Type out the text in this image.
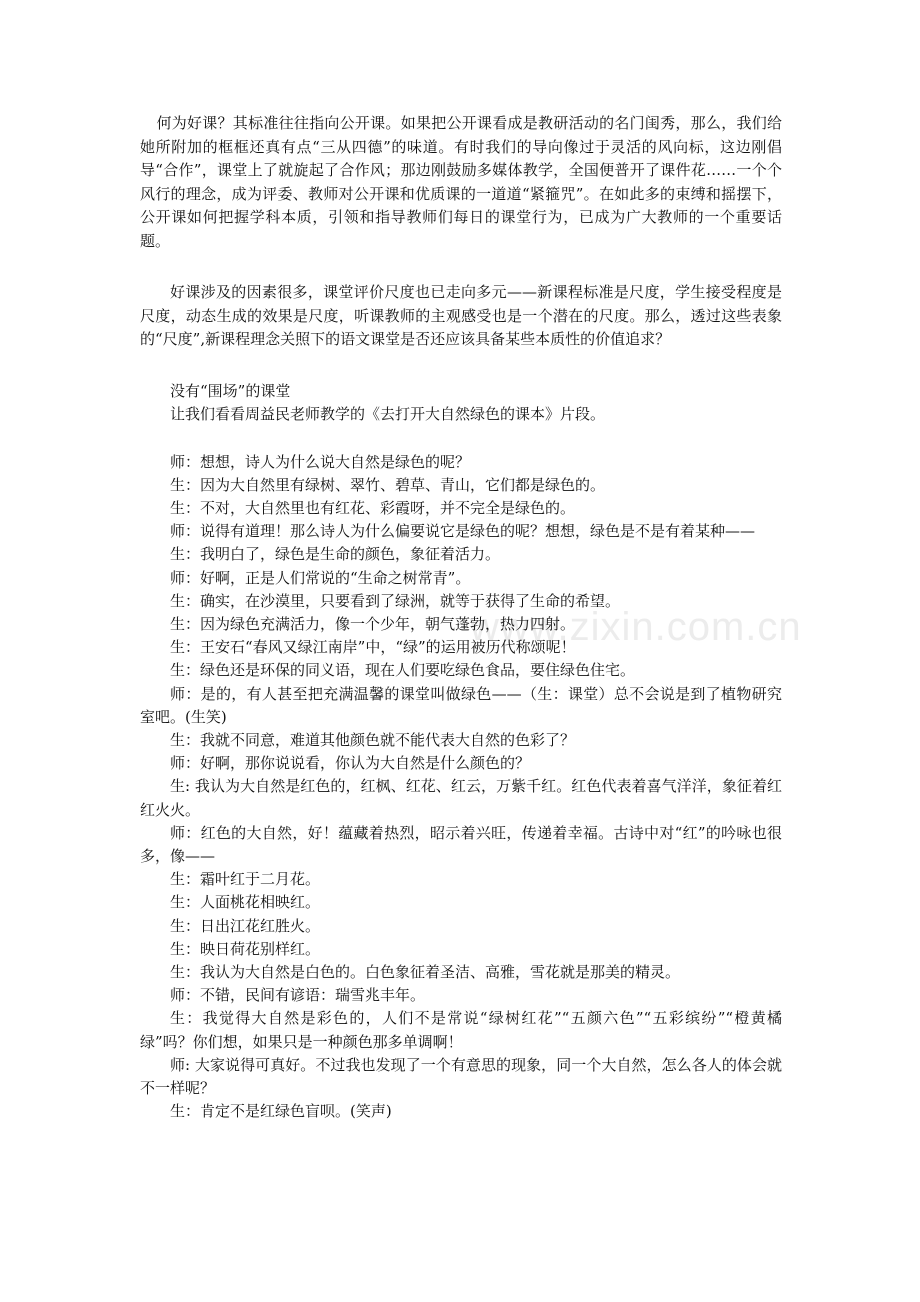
www.zixin.com.cn

何为好课？其标准往往指向公开课。如果把公开课看成是教研活动的名门闺秀，那么，我们给她所附加的框框还真有点“三从四德”的味道。有时我们的导向像过于灵活的风向标，这边刚倡导“合作”，课堂上了就旋起了合作风；那边刚鼓励多媒体教学，全国便普开了课件花……一个个风行的理念，成为评委、教师对公开课和优质课的一道道“紧箍咒”。在如此多的束缚和摇摆下，公开课如何把握学科本质，引领和指导教师们每日的课堂行为，已成为广大教师的一个重要话题。

好课涉及的因素很多，课堂评价尺度也已走向多元——新课程标准是尺度，学生接受程度是尺度，动态生成的效果是尺度，听课教师的主观感受也是一个潜在的尺度。那么，透过这些表象的“尺度”,新课程理念关照下的语文课堂是否还应该具备某些本质性的价值追求？

没有“围场”的课堂

让我们看看周益民老师教学的《去打开大自然绿色的课本》片段。

师：想想，诗人为什么说大自然是绿色的呢？

生：因为大自然里有绿树、翠竹、碧草、青山，它们都是绿色的。

生：不对，大自然里也有红花、彩霞呀，并不完全是绿色的。

师：说得有道理！那么诗人为什么偏要说它是绿色的呢？想想，绿色是不是有着某种——

生：我明白了，绿色是生命的颜色，象征着活力。

师：好啊，正是人们常说的“生命之树常青”。

生：确实，在沙漠里，只要看到了绿洲，就等于获得了生命的希望。

生：因为绿色充满活力，像一个少年，朝气蓬勃，热力四射。

生：王安石“春风又绿江南岸”中，“绿”的运用被历代称颂呢！

生：绿色还是环保的同义语，现在人们要吃绿色食品，要住绿色住宅。

师：是的，有人甚至把充满温馨的课堂叫做绿色——（生：课堂）总不会说是到了植物研究室吧。(生笑)

生：我就不同意，难道其他颜色就不能代表大自然的色彩了？

师：好啊，那你说说看，你认为大自然是什么颜色的？

生: 我认为大自然是红色的，红枫、红花、红云，万紫千红。红色代表着喜气洋洋，象征着红红火火。

师：红色的大自然，好！蕴藏着热烈，昭示着兴旺，传递着幸福。古诗中对“红”的吟咏也很多，像——

生：霜叶红于二月花。

生：人面桃花相映红。

生：日出江花红胜火。

生：映日荷花别样红。

生：我认为大自然是白色的。白色象征着圣洁、高雅，雪花就是那美的精灵。

师：不错，民间有谚语：瑞雪兆丰年。

生：我觉得大自然是彩色的，人们不是常说“绿树红花”“五颜六色”“五彩缤纷”“橙黄橘绿”吗？你们想，如果只是一种颜色那多单调啊！

师: 大家说得可真好。不过我也发现了一个有意思的现象，同一个大自然，怎么各人的体会就不一样呢？

生：肯定不是红绿色盲呗。(笑声)
